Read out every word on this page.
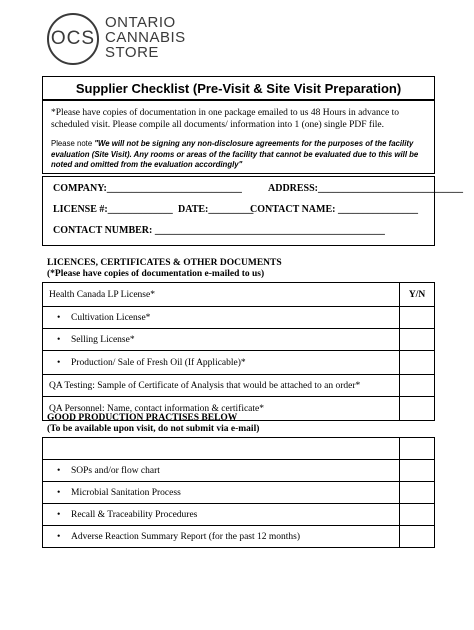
OCS
ONTARIO
CANNABIS
STORE
Supplier Checklist (Pre-Visit & Site Visit Preparation)
*Please have copies of documentation in one package emailed to us 48 Hours in advance to scheduled visit. Please compile all documents/ information into 1 (one) single PDF file.
Please note "We will not be signing any non-disclosure agreements for the purposes of the facility evaluation (Site Visit). Any rooms or areas of the facility that cannot be evaluated due to this will be noted and omitted from the evaluation accordingly"
COMPANY:___________________________	ADDRESS:_____________________________
LICENSE #:_____________ DATE:_________
CONTACT NAME: ________________
CONTACT NUMBER: ______________________________________________
LICENCES, CERTIFICATES & OTHER DOCUMENTS
(*Please have copies of documentation e-mailed to us)
Health Canada LP License*	Y/N
• Cultivation License*	
• Selling License*	
• Production/ Sale of Fresh Oil (If Applicable)*	
QA Testing: Sample of Certificate of Analysis that would be attached to an order*	
QA Personnel: Name, contact information & certificate*	
GOOD PRODUCTION PRACTISES BELOW
(To be available upon visit, do not submit via e-mail)

• SOPs and/or flow chart	
• Microbial Sanitation Process	
• Recall & Traceability Procedures	
• Adverse Reaction Summary Report (for the past 12 months)	
